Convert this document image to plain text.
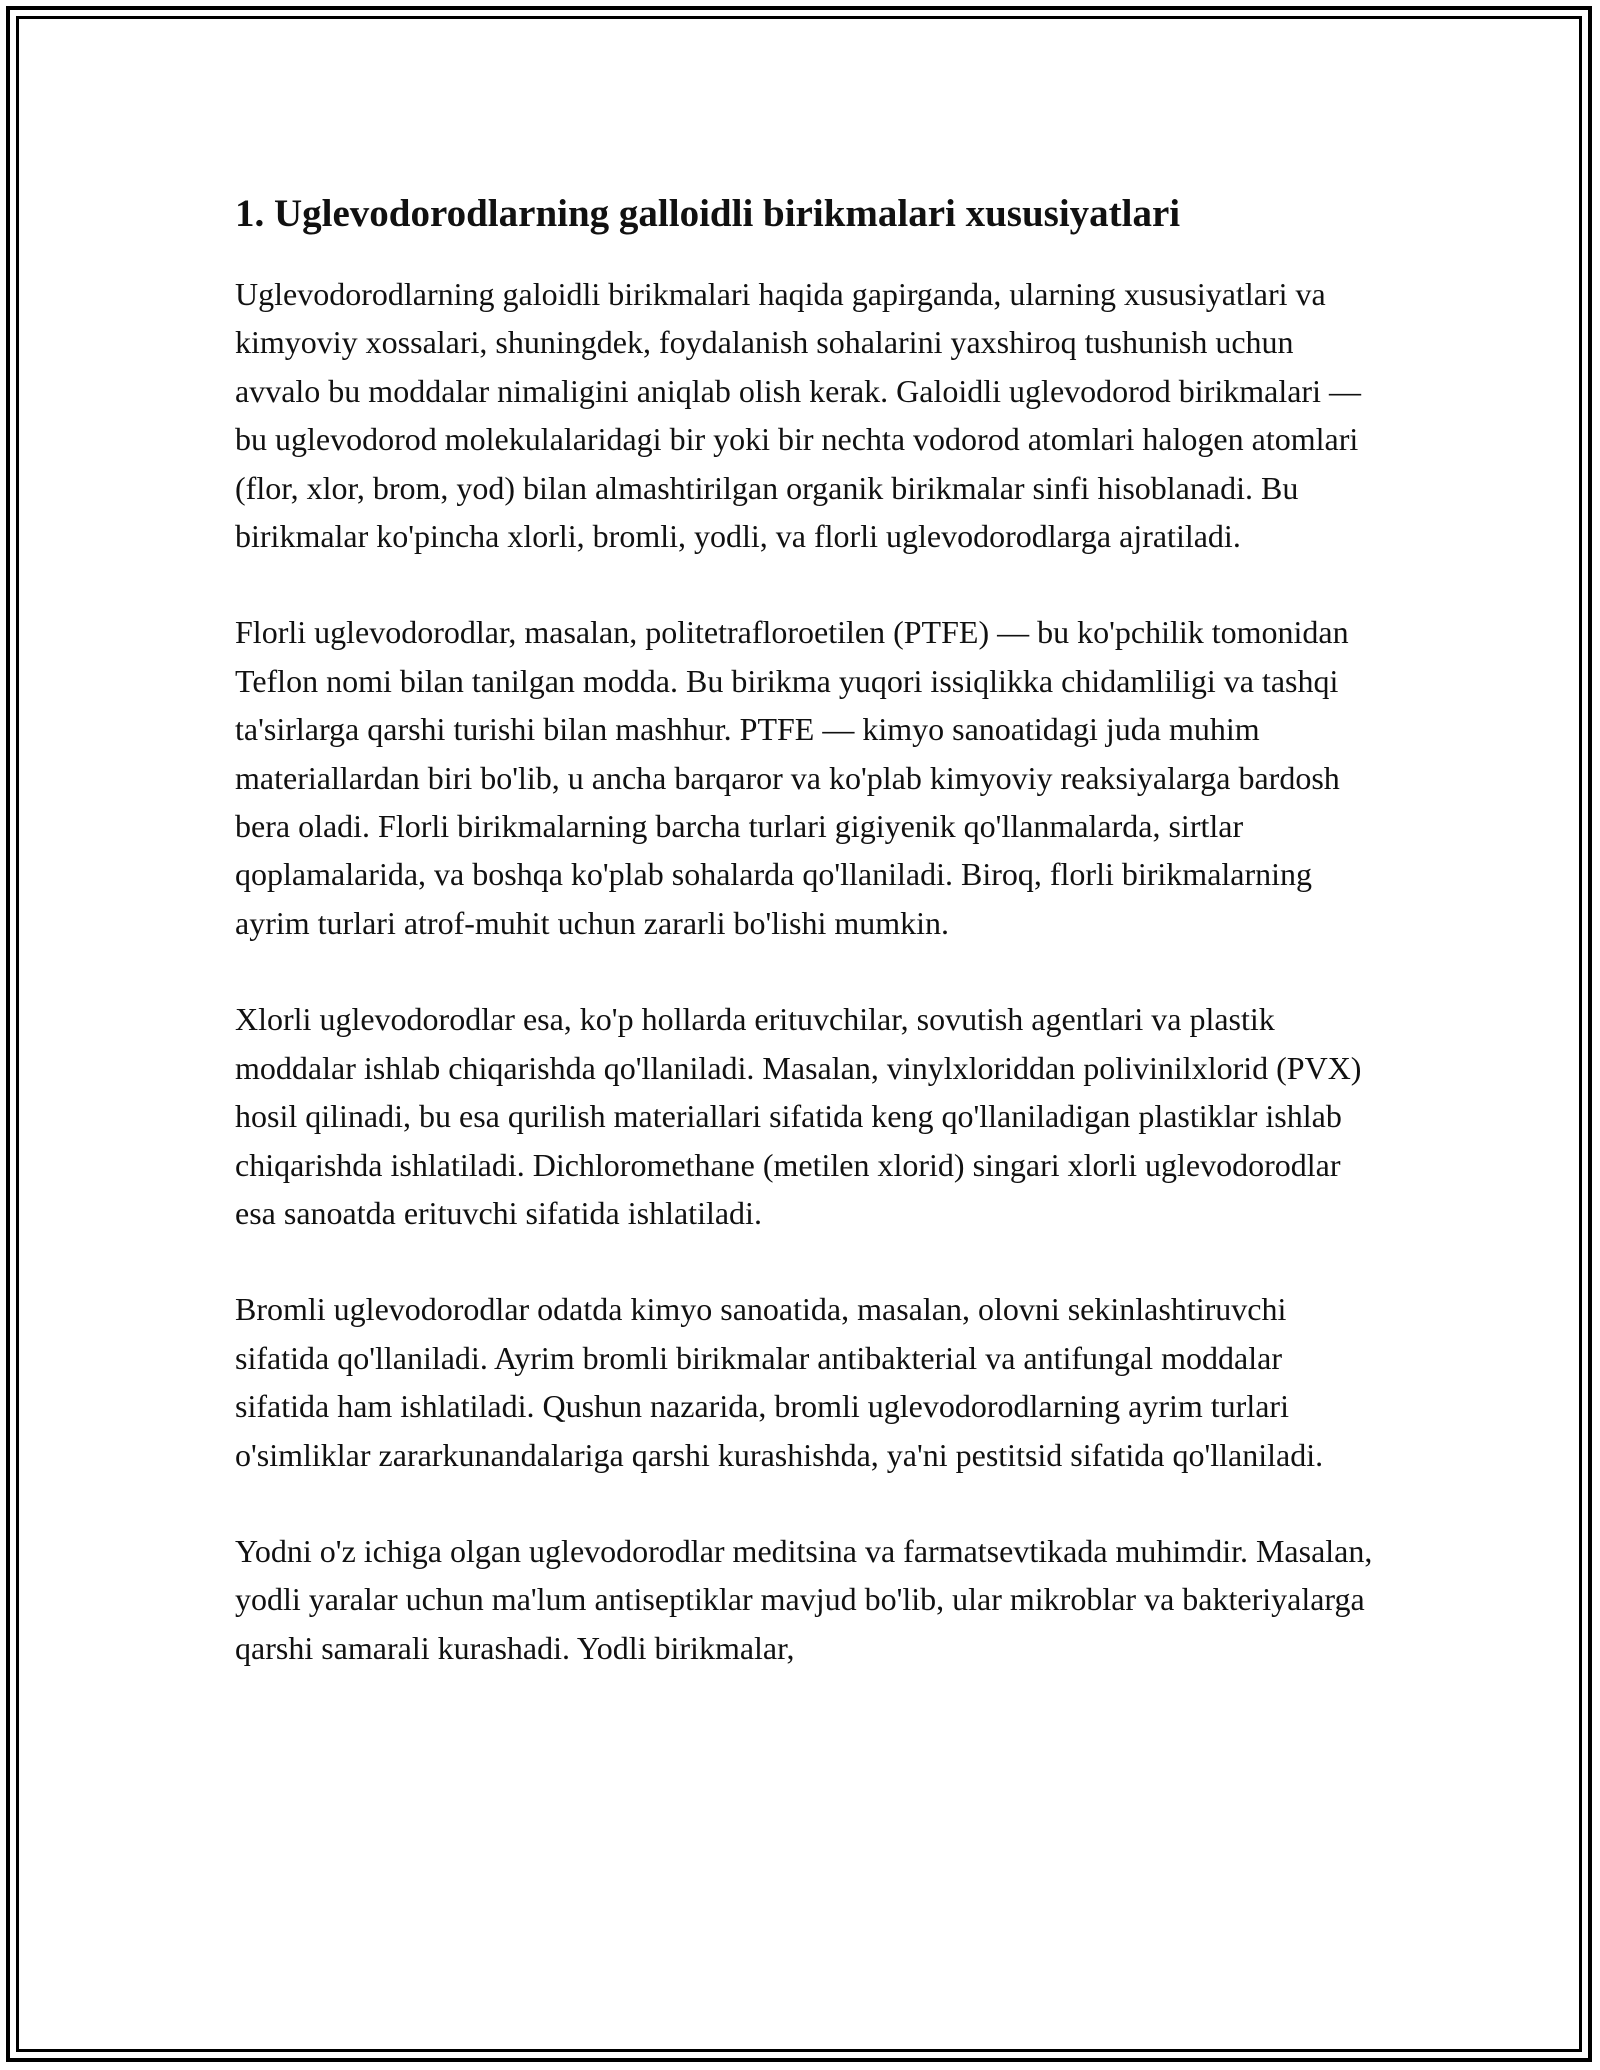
1. Uglevodorodlarning galloidli birikmalari xususiyatlari

Uglevodorodlarning galoidli birikmalari haqida gapirganda, ularning xususiyatlari va kimyoviy xossalari, shuningdek, foydalanish sohalarini yaxshiroq tushunish uchun avvalo bu moddalar nimaligini aniqlab olish kerak. Galoidli uglevodorod birikmalari — bu uglevodorod molekulalaridagi bir yoki bir nechta vodorod atomlari halogen atomlari (flor, xlor, brom, yod) bilan almashtirilgan organik birikmalar sinfi hisoblanadi. Bu birikmalar ko'pincha xlorli, bromli, yodli, va florli uglevodorodlarga ajratiladi.

Florli uglevodorodlar, masalan, politetrafloroetilen (PTFE) — bu ko'pchilik tomonidan Teflon nomi bilan tanilgan modda. Bu birikma yuqori issiqlikka chidamliligi va tashqi ta'sirlarga qarshi turishi bilan mashhur. PTFE — kimyo sanoatidagi juda muhim materiallardan biri bo'lib, u ancha barqaror va ko'plab kimyoviy reaksiyalarga bardosh bera oladi. Florli birikmalarning barcha turlari gigiyenik qo'llanmalarda, sirtlar qoplamalarida, va boshqa ko'plab sohalarda qo'llaniladi. Biroq, florli birikmalarning ayrim turlari atrof-muhit uchun zararli bo'lishi mumkin.

Xlorli uglevodorodlar esa, ko'p hollarda erituvchilar, sovutish agentlari va plastik moddalar ishlab chiqarishda qo'llaniladi. Masalan, vinylxloriddan polivinilxlorid (PVX) hosil qilinadi, bu esa qurilish materiallari sifatida keng qo'llaniladigan plastiklar ishlab chiqarishda ishlatiladi. Dichloromethane (metilen xlorid) singari xlorli uglevodorodlar esa sanoatda erituvchi sifatida ishlatiladi.

Bromli uglevodorodlar odatda kimyo sanoatida, masalan, olovni sekinlashtiruvchi sifatida qo'llaniladi. Ayrim bromli birikmalar antibakterial va antifungal moddalar sifatida ham ishlatiladi. Qushun nazarida, bromli uglevodorodlarning ayrim turlari o'simliklar zararkunandalariga qarshi kurashishda, ya'ni pestitsid sifatida qo'llaniladi.

Yodni o'z ichiga olgan uglevodorodlar meditsina va farmatsevtikada muhimdir. Masalan, yodli yaralar uchun ma'lum antiseptiklar mavjud bo'lib, ular mikroblar va bakteriyalarga qarshi samarali kurashadi. Yodli birikmalar,
